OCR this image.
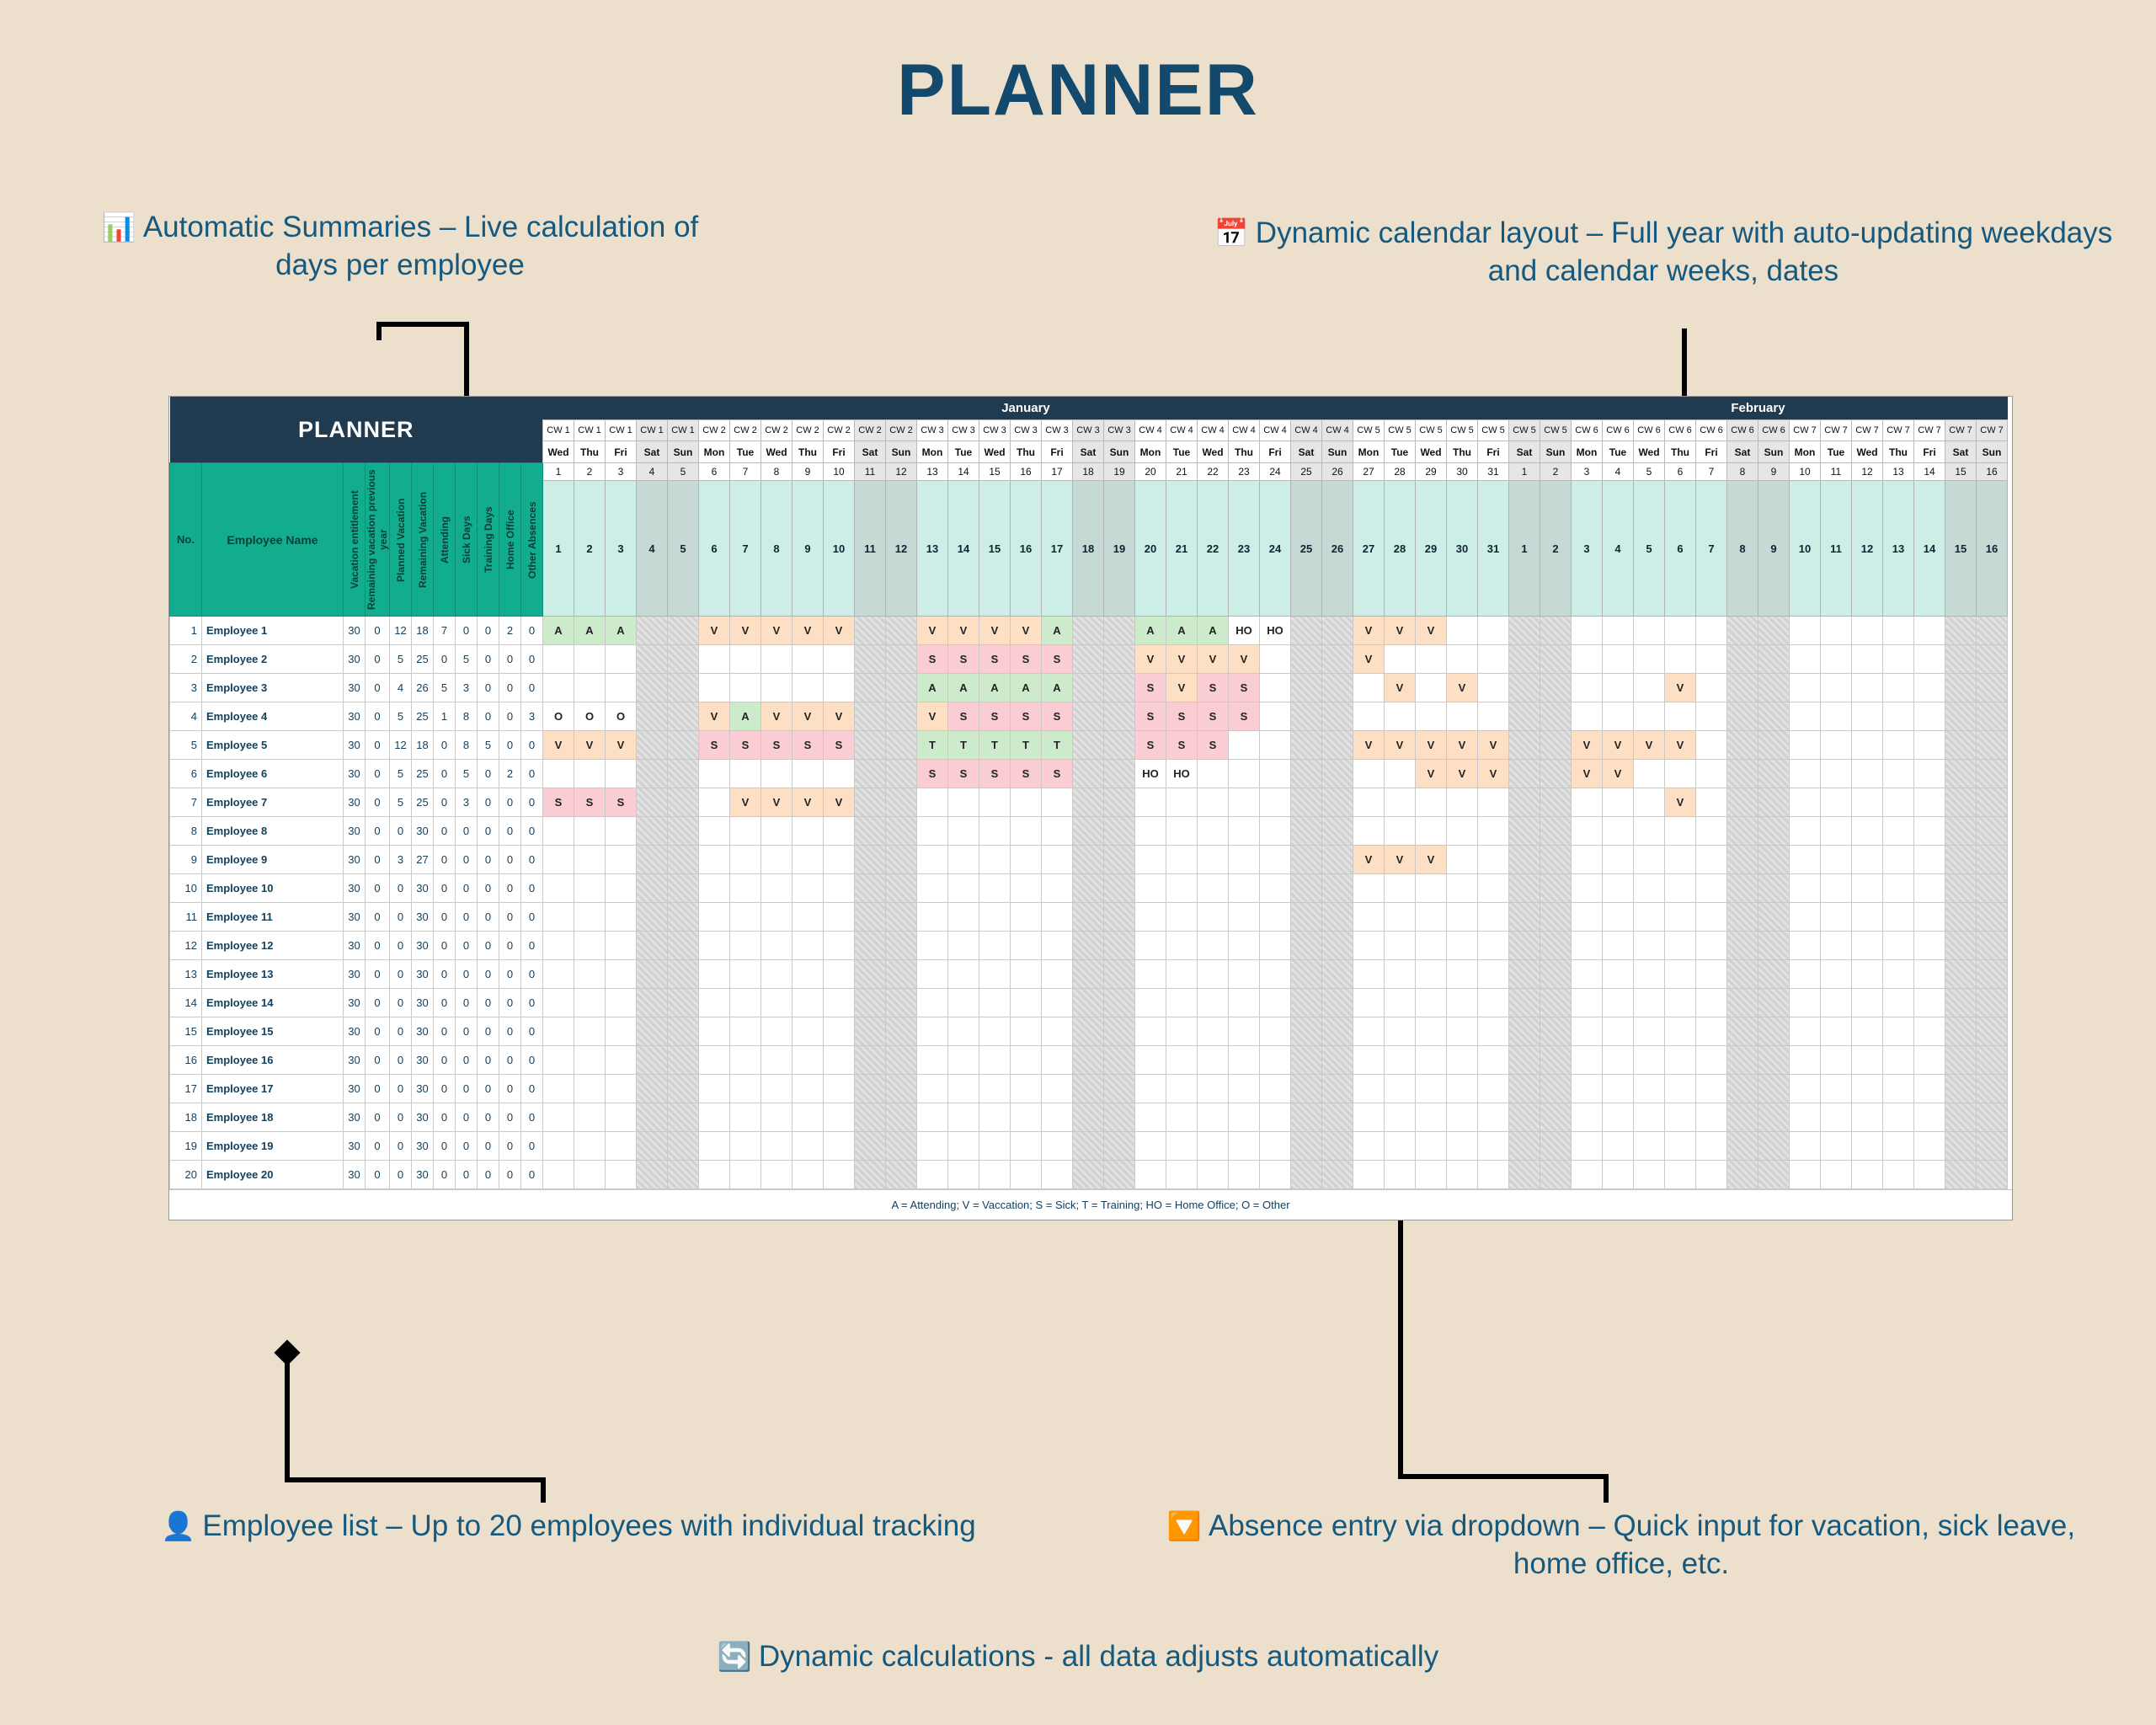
PLANNER
📊 Automatic Summaries – Live calculation of days per employee
📅 Dynamic calendar layout – Full year with auto-updating weekdays and calendar weeks, dates
👤 Employee list – Up to 20 employees with individual tracking	🔽 Absence entry via dropdown – Quick input for vacation, sick leave, home office, etc.
🔄 Dynamic calculations - all data adjusts automatically
PLANNER											January																															February															
											CW 1	CW 1	CW 1	CW 1	CW 1	CW 2	CW 2	CW 2	CW 2	CW 2	CW 2	CW 2	CW 3	CW 3	CW 3	CW 3	CW 3	CW 3	CW 3	CW 4	CW 4	CW 4	CW 4	CW 4	CW 4	CW 4	CW 5	CW 5	CW 5	CW 5	CW 5	CW 5	CW 5	CW 6	CW 6	CW 6	CW 6	CW 6	CW 6	CW 6	CW 7	CW 7	CW 7	CW 7	CW 7	CW 7	CW 7
											Wed	Thu	Fri	Sat	Sun	Mon	Tue	Wed	Thu	Fri	Sat	Sun	Mon	Tue	Wed	Thu	Fri	Sat	Sun	Mon	Tue	Wed	Thu	Fri	Sat	Sun	Mon	Tue	Wed	Thu	Fri	Sat	Sun	Mon	Tue	Wed	Thu	Fri	Sat	Sun	Mon	Tue	Wed	Thu	Fri	Sat	Sun
No.	Employee Name	Vacation entitlement	Remaining vacation previous year	Planned Vacation	Remaining Vacation	Attending	Sick Days	Training Days	Home Office	Other Absences	1	2	3	4	5	6	7	8	9	10	11	12	13	14	15	16	17	18	19	20	21	22	23	24	25	26	27	28	29	30	31	1	2	3	4	5	6	7	8	9	10	11	12	13	14	15	16
											1	2	3	4	5	6	7	8	9	10	11	12	13	14	15	16	17	18	19	20	21	22	23	24	25	26	27	28	29	30	31	1	2	3	4	5	6	7	8	9	10	11	12	13	14	15	16
1	Employee 1	30	0	12	18	7	0	0	2	0	A	A	A			V	V	V	V	V			V	V	V	V	A			A	A	A	HO	HO			V	V	V																		
2	Employee 2	30	0	5	25	0	5	0	0	0													S	S	S	S	S			V	V	V	V				V																				
3	Employee 3	30	0	4	26	5	3	0	0	0													A	A	A	A	A			S	V	S	S					V		V							V										
4	Employee 4	30	0	5	25	1	8	0	0	3	O	O	O			V	A	V	V	V			V	S	S	S	S			S	S	S	S																								
5	Employee 5	30	0	12	18	0	8	5	0	0	V	V	V			S	S	S	S	S			T	T	T	T	T			S	S	S					V	V	V	V	V			V	V	V	V										
6	Employee 6	30	0	5	25	0	5	0	2	0													S	S	S	S	S			HO	HO								V	V	V			V	V												
7	Employee 7	30	0	5	25	0	3	0	0	0	S	S	S				V	V	V	V																											V										
8	Employee 8	30	0	0	30	0	0	0	0	0																																															
9	Employee 9	30	0	3	27	0	0	0	0	0																											V	V	V																		
10	Employee 10	30	0	0	30	0	0	0	0	0																																															
11	Employee 11	30	0	0	30	0	0	0	0	0																																															
12	Employee 12	30	0	0	30	0	0	0	0	0																																															
13	Employee 13	30	0	0	30	0	0	0	0	0																																															
14	Employee 14	30	0	0	30	0	0	0	0	0																																															
15	Employee 15	30	0	0	30	0	0	0	0	0																																															
16	Employee 16	30	0	0	30	0	0	0	0	0																																															
17	Employee 17	30	0	0	30	0	0	0	0	0																																															
18	Employee 18	30	0	0	30	0	0	0	0	0																																															
19	Employee 19	30	0	0	30	0	0	0	0	0																																															
20	Employee 20	30	0	0	30	0	0	0	0	0																																															
A = Attending; V = Vaccation; S = Sick; T = Training; HO = Home Office; O = Other
